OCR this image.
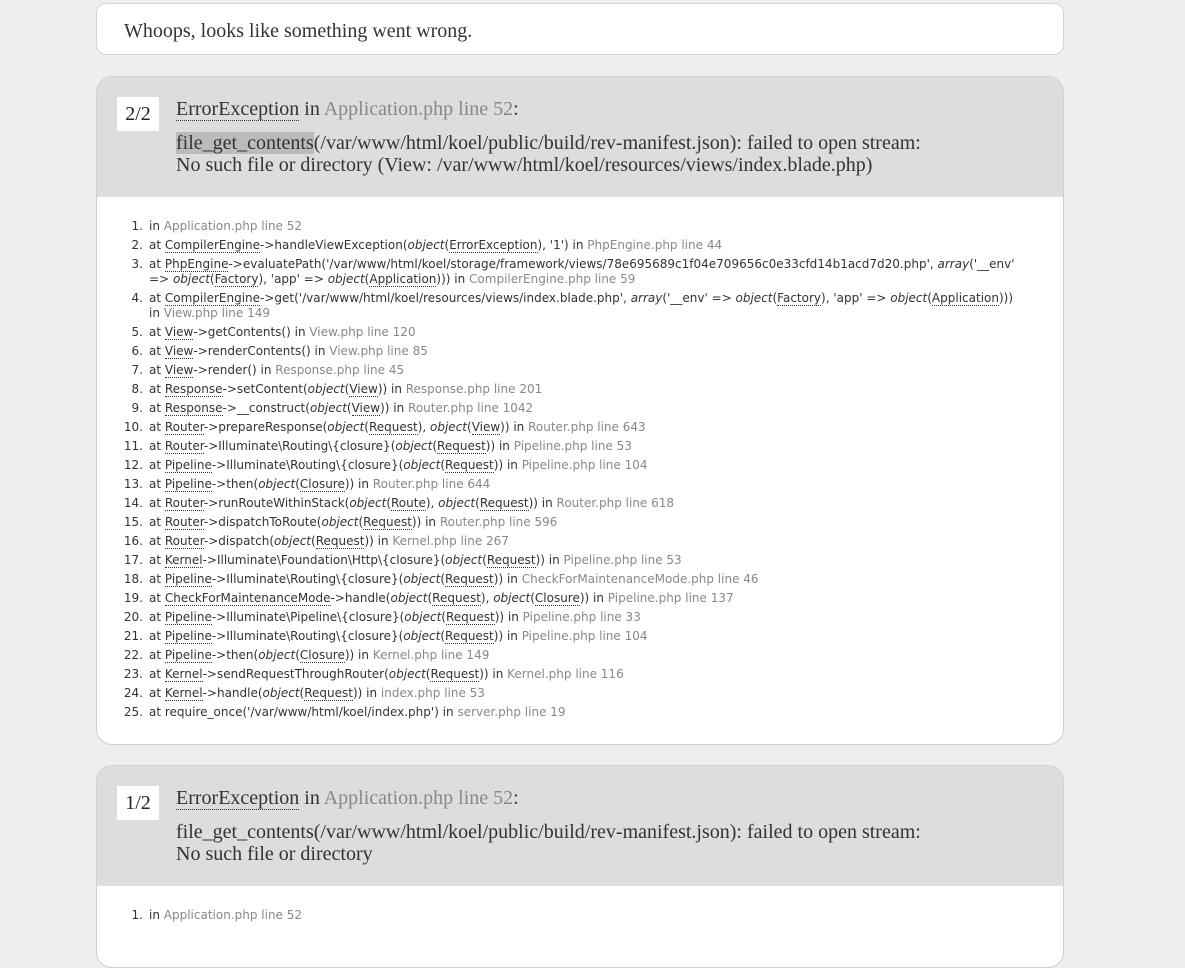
Whoops, looks like something went wrong.
2/2	ErrorException in Application.php line 52:
file_get_contents(/var/www/html/koel/public/build/rev-manifest.json): failed to open stream:
No such file or directory (View: /var/www/html/koel/resources/views/index.blade.php)
1. in Application.php line 52
2. at CompilerEngine->handleViewException(object(ErrorException), '1') in PhpEngine.php line 44
3. at PhpEngine->evaluatePath('/var/www/html/koel/storage/framework/views/78e695689c1f04e709656c0e33cfd14b1acd7d20.php', array('__env' => object(Factory), 'app' => object(Application))) in CompilerEngine.php line 59
4. at CompilerEngine->get('/var/www/html/koel/resources/views/index.blade.php', array('__env' => object(Factory), 'app' => object(Application))) in View.php line 149
5. at View->getContents() in View.php line 120
6. at View->renderContents() in View.php line 85
7. at View->render() in Response.php line 45
8. at Response->setContent(object(View)) in Response.php line 201
9. at Response->__construct(object(View)) in Router.php line 1042
10. at Router->prepareResponse(object(Request), object(View)) in Router.php line 643
11. at Router->Illuminate\Routing\{closure}(object(Request)) in Pipeline.php line 53
12. at Pipeline->Illuminate\Routing\{closure}(object(Request)) in Pipeline.php line 104
13. at Pipeline->then(object(Closure)) in Router.php line 644
14. at Router->runRouteWithinStack(object(Route), object(Request)) in Router.php line 618
15. at Router->dispatchToRoute(object(Request)) in Router.php line 596
16. at Router->dispatch(object(Request)) in Kernel.php line 267
17. at Kernel->Illuminate\Foundation\Http\{closure}(object(Request)) in Pipeline.php line 53
18. at Pipeline->Illuminate\Routing\{closure}(object(Request)) in CheckForMaintenanceMode.php line 46
19. at CheckForMaintenanceMode->handle(object(Request), object(Closure)) in Pipeline.php line 137
20. at Pipeline->Illuminate\Pipeline\{closure}(object(Request)) in Pipeline.php line 33
21. at Pipeline->Illuminate\Routing\{closure}(object(Request)) in Pipeline.php line 104
22. at Pipeline->then(object(Closure)) in Kernel.php line 149
23. at Kernel->sendRequestThroughRouter(object(Request)) in Kernel.php line 116
24. at Kernel->handle(object(Request)) in index.php line 53
25. at require_once('/var/www/html/koel/index.php') in server.php line 19
1/2	ErrorException in Application.php line 52:
file_get_contents(/var/www/html/koel/public/build/rev-manifest.json): failed to open stream:
No such file or directory
1. in Application.php line 52
